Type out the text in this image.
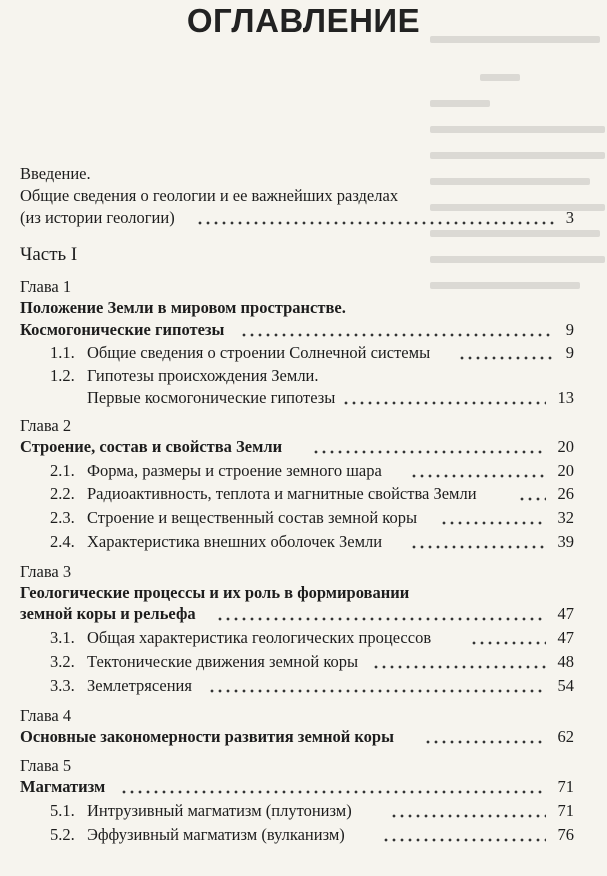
ОГЛАВЛЕНИЕ
Введение.
Общие сведения о геологии и ее важнейших разделах
(из истории геологии)	3
Часть I
Глава 1
Положение Земли в мировом пространстве.
Космогонические гипотезы	9
1.1. Общие сведения о строении Солнечной системы	9
1.2. Гипотезы происхождения Земли.
Первые космогонические гипотезы	13
Глава 2
Строение, состав и свойства Земли	20
2.1. Форма, размеры и строение земного шара	20
2.2. Радиоактивность, теплота и магнитные свойства Земли	26
2.3. Строение и вещественный состав земной коры	32
2.4. Характеристика внешних оболочек Земли	39
Глава 3
Геологические процессы и их роль в формировании
земной коры и рельефа	47
3.1. Общая характеристика геологических процессов	47
3.2. Тектонические движения земной коры	48
3.3. Землетрясения	54
Глава 4
Основные закономерности развития земной коры	62
Глава 5
Магматизм	71
5.1. Интрузивный магматизм (плутонизм)	71
5.2. Эффузивный магматизм (вулканизм)	76
